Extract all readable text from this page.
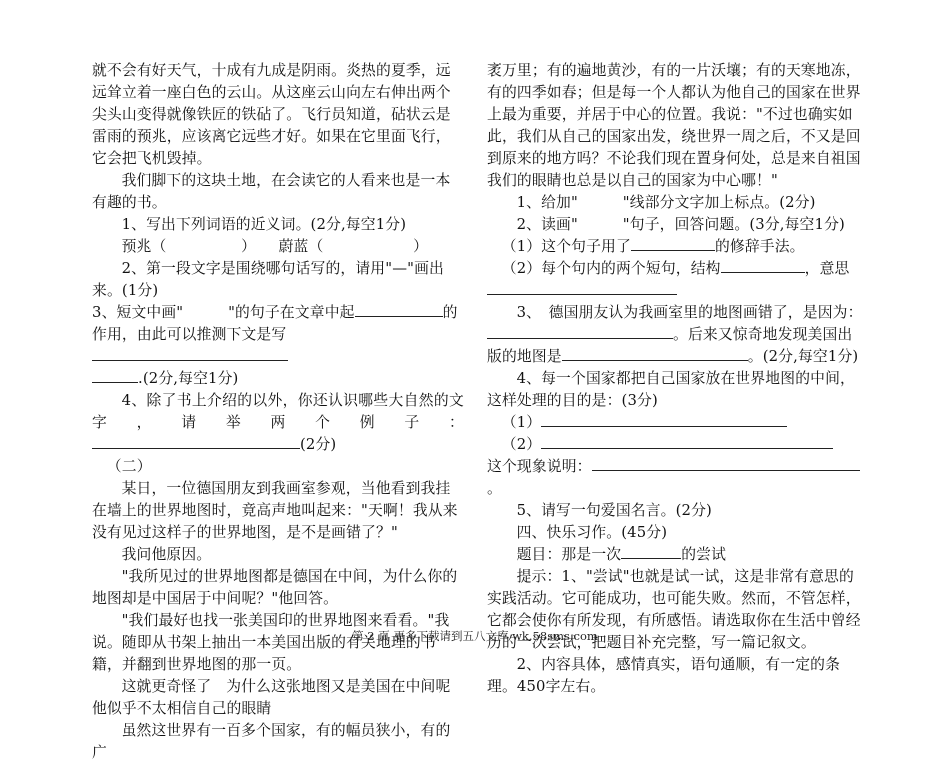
就不会有好天气，十成有九成是阴雨。炎热的夏季，远远耸立着一座白色的云山。从这座云山向左右伸出两个尖头山变得就像铁匠的铁砧了。飞行员知道，砧状云是雷雨的预兆，应该离它远些才好。如果在它里面飞行，它会把飞机毁掉。

我们脚下的这块土地，在会读它的人看来也是一本有趣的书。

1、写出下列词语的近义词。(2分,每空1分)

预兆（　　　　　）　　蔚蓝（　　　　　　）

2、第一段文字是围绕哪句话写的，请用"—"画出来。(1分)

3、短文中画"　　　"的句子在文章中起	的作用，由此可以推测下文是写
.(2分,每空1分)

4、除了书上介绍的以外，你还认识哪些大自然的文字，请举两个例子：

(2分)

（二）

某日，一位德国朋友到我画室参观，当他看到我挂在墙上的世界地图时，竟高声地叫起来："天啊！我从来没有见过这样子的世界地图，是不是画错了？"

我问他原因。

"我所见过的世界地图都是德国在中间，为什么你的地图却是中国居于中间呢？"他回答。

"我们最好也找一张美国印的世界地图来看看。"我说。随即从书架上抽出一本美国出版的有关地理的书籍，并翻到世界地图的那一页。

这就更奇怪了　为什么这张地图又是美国在中间呢他似乎不太相信自己的眼睛

虽然这世界有一百多个国家，有的幅员狭小，有的广

袤万里；有的遍地黄沙，有的一片沃壤；有的天寒地冻，有的四季如春；但是每一个人都认为他自己的国家在世界上最为重要，并居于中心的位置。我说："不过也确实如此，我们从自己的国家出发，绕世界一周之后，不又是回到原来的地方吗？不论我们现在置身何处，总是来自祖国我们的眼睛也总是以自己的国家为中心哪！"

1、给加"　　　"线部分文字加上标点。(2分)

2、读画"　　　"句子，回答问题。(3分,每空1分)

（1）这个句子用了	的修辞手法。

（2）每个句内的两个短句，结构	，意思

3、　德国朋友认为我画室里的地图画错了，是因为：

。后来又惊奇地发现美国出版的地图是	。(2分,每空1分)

4、每一个国家都把自己国家放在世界地图的中间，这样处理的目的是：(3分)

（1）

（2）

这个现象说明：。

5、请写一句爱国名言。(2分)

四、快乐习作。(45分)

题目：那是一次	的尝试

提示：1、"尝试"也就是试一试，这是非常有意思的实践活动。它可能成功，也可能失败。然而，不管怎样，它都会使你有所发现，有所感悟。请选取你在生活中曾经历的一次尝试，把题目补充完整，写一篇记叙文。

2、内容具体，感情真实，语句通顺，有一定的条理。450字左右。

第 2 页 更多下载请到五八文库 wk.58sms.com
